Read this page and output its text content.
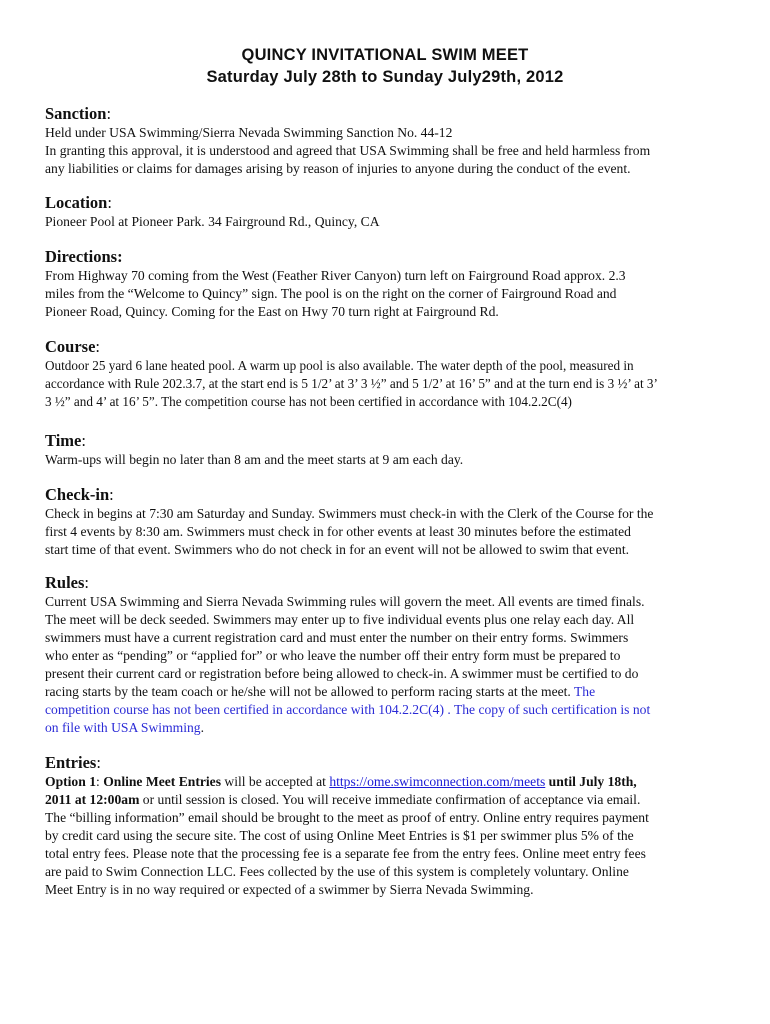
QUINCY INVITATIONAL SWIM MEET
Saturday July 28th to Sunday July29th, 2012
Sanction:
Held under USA Swimming/Sierra Nevada Swimming Sanction No. 44-12
In granting this approval, it is understood and agreed that USA Swimming shall be free and held harmless from
any liabilities or claims for damages arising by reason of injuries to anyone during the conduct of the event.
Location:
Pioneer Pool at Pioneer Park. 34 Fairground Rd., Quincy, CA
Directions:
From Highway 70 coming from the West (Feather River Canyon) turn left on Fairground Road approx. 2.3
miles from the “Welcome to Quincy” sign. The pool is on the right on the corner of Fairground Road and
Pioneer Road, Quincy. Coming for the East on Hwy 70 turn right at Fairground Rd.
Course:
Outdoor 25 yard 6 lane heated pool. A warm up pool is also available. The water depth of the pool, measured in
accordance with Rule 202.3.7, at the start end is 5 1/2’ at 3’ 3 ½” and 5 1/2’ at 16’ 5” and at the turn end is 3 ½’ at 3’
3 ½” and 4’ at 16’ 5”. The competition course has not been certified in accordance with 104.2.2C(4)
Time:
Warm-ups will begin no later than 8 am and the meet starts at 9 am each day.
Check-in:
Check in begins at 7:30 am Saturday and Sunday. Swimmers must check-in with the Clerk of the Course for the
first 4 events by 8:30 am. Swimmers must check in for other events at least 30 minutes before the estimated
start time of that event. Swimmers who do not check in for an event will not be allowed to swim that event.
Rules:
Current USA Swimming and Sierra Nevada Swimming rules will govern the meet. All events are timed finals.
The meet will be deck seeded. Swimmers may enter up to five individual events plus one relay each day. All
swimmers must have a current registration card and must enter the number on their entry forms. Swimmers
who enter as “pending” or “applied for” or who leave the number off their entry form must be prepared to
present their current card or registration before being allowed to check-in. A swimmer must be certified to do
racing starts by the team coach or he/she will not be allowed to perform racing starts at the meet. The
competition course has not been certified in accordance with 104.2.2C(4) . The copy of such certification is not
on file with USA Swimming.
Entries:
Option 1: Online Meet Entries will be accepted at https://ome.swimconnection.com/meets until July 18th,
2011 at 12:00am or until session is closed. You will receive immediate confirmation of acceptance via email.
The “billing information” email should be brought to the meet as proof of entry. Online entry requires payment
by credit card using the secure site. The cost of using Online Meet Entries is $1 per swimmer plus 5% of the
total entry fees. Please note that the processing fee is a separate fee from the entry fees. Online meet entry fees
are paid to Swim Connection LLC. Fees collected by the use of this system is completely voluntary. Online
Meet Entry is in no way required or expected of a swimmer by Sierra Nevada Swimming.
